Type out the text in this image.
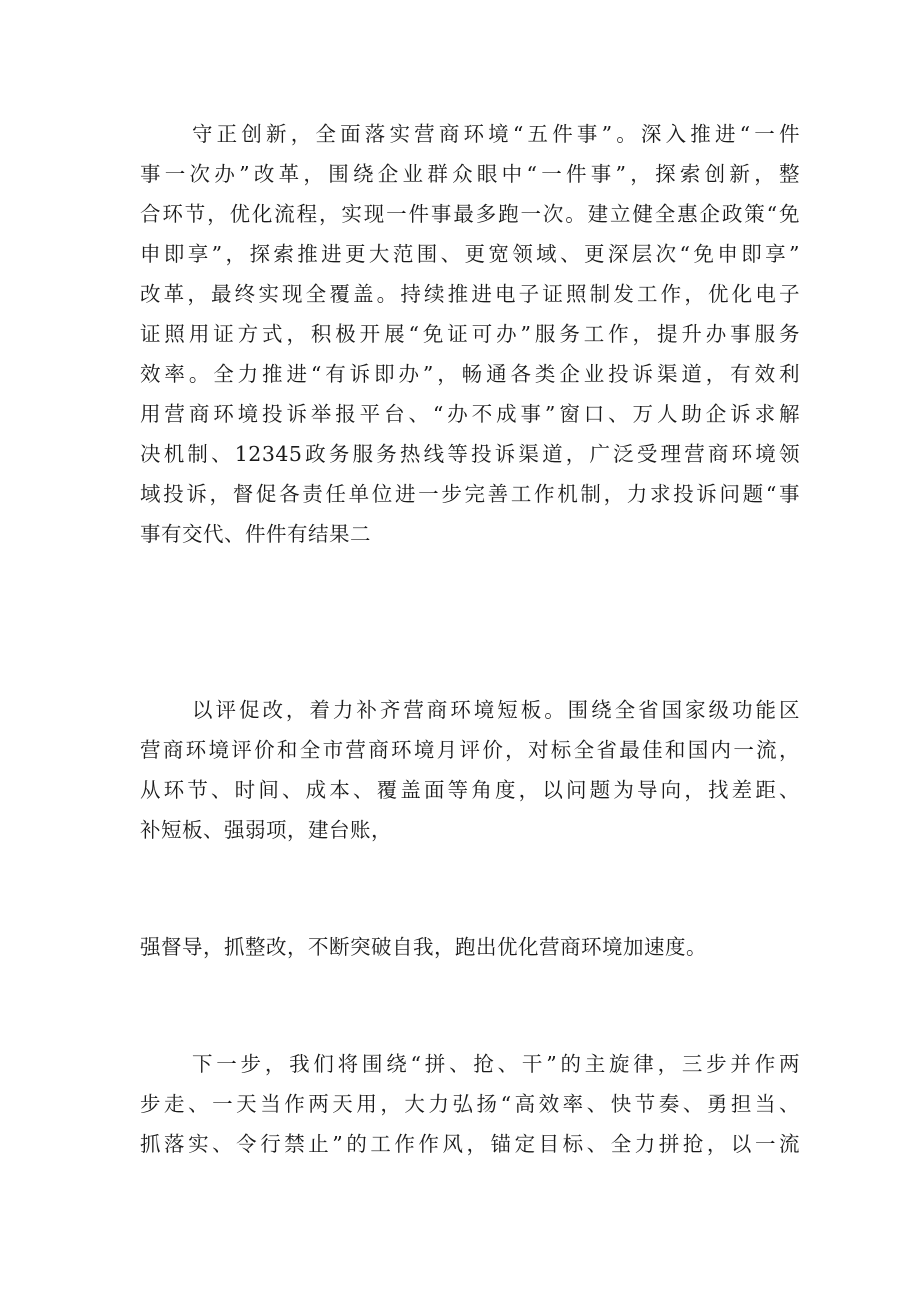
守正创新，全面落实营商环境“五件事”。深入推进“一件
事一次办”改革，围绕企业群众眼中“一件事”，探索创新，整
合环节，优化流程，实现一件事最多跑一次。建立健全惠企政策“免
申即享”，探索推进更大范围、更宽领域、更深层次“免申即享”
改革，最终实现全覆盖。持续推进电子证照制发工作，优化电子
证照用证方式，积极开展“免证可办”服务工作，提升办事服务
效率。全力推进“有诉即办”，畅通各类企业投诉渠道，有效利
用营商环境投诉举报平台、“办不成事”窗口、万人助企诉求解
决机制、12345政务服务热线等投诉渠道，广泛受理营商环境领
域投诉，督促各责任单位进一步完善工作机制，力求投诉问题“事
事有交代、件件有结果二
以评促改，着力补齐营商环境短板。围绕全省国家级功能区
营商环境评价和全市营商环境月评价，对标全省最佳和国内一流，
从环节、时间、成本、覆盖面等角度，以问题为导向，找差距、
补短板、强弱项，建台账，
强督导，抓整改，不断突破自我，跑出优化营商环境加速度。
下一步，我们将围绕“拼、抢、干”的主旋律，三步并作两
步走、一天当作两天用，大力弘扬“高效率、快节奏、勇担当、
抓落实、令行禁止”的工作作风，锚定目标、全力拼抢，以一流
